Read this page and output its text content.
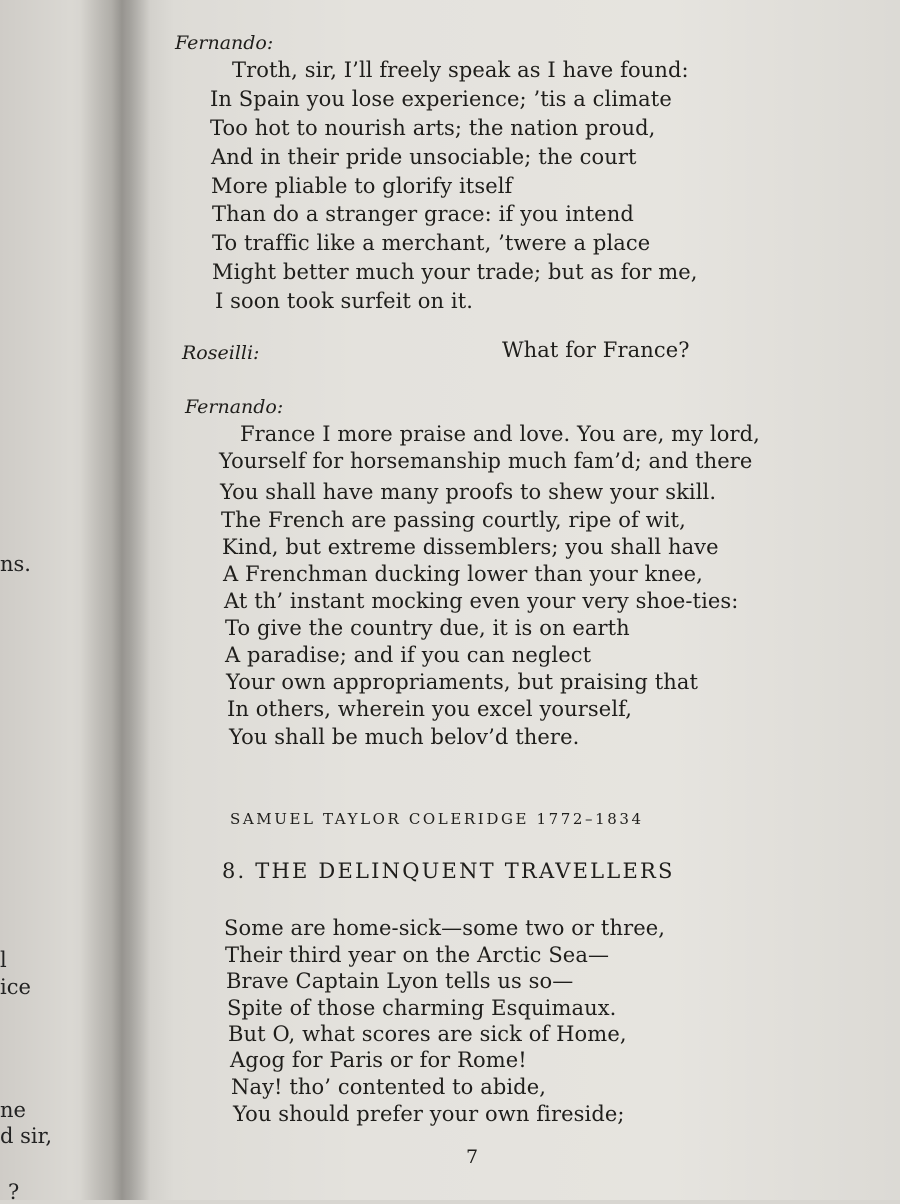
ns.
l
ice
ne
d sir,
?
Fernando:
Troth, sir, I’ll freely speak as I have found:
In Spain you lose experience; ’tis a climate
Too hot to nourish arts; the nation proud,
And in their pride unsociable; the court
More pliable to glorify itself
Than do a stranger grace: if you intend
To traffic like a merchant, ’twere a place
Might better much your trade; but as for me,
I soon took surfeit on it.
Roseilli:	What for France?
Fernando:
France I more praise and love. You are, my lord,
Yourself for horsemanship much fam’d; and there
You shall have many proofs to shew your skill.
The French are passing courtly, ripe of wit,
Kind, but extreme dissemblers; you shall have
A Frenchman ducking lower than your knee,
At th’ instant mocking even your very shoe-ties:
To give the country due, it is on earth
A paradise; and if you can neglect
Your own appropriaments, but praising that
In others, wherein you excel yourself,
You shall be much belov’d there.
SAMUEL TAYLOR COLERIDGE 1772–1834
8. THE DELINQUENT TRAVELLERS
Some are home-sick—some two or three,
Their third year on the Arctic Sea—
Brave Captain Lyon tells us so—
Spite of those charming Esquimaux.
But O, what scores are sick of Home,
Agog for Paris or for Rome!
Nay! tho’ contented to abide,
You should prefer your own fireside;
7
